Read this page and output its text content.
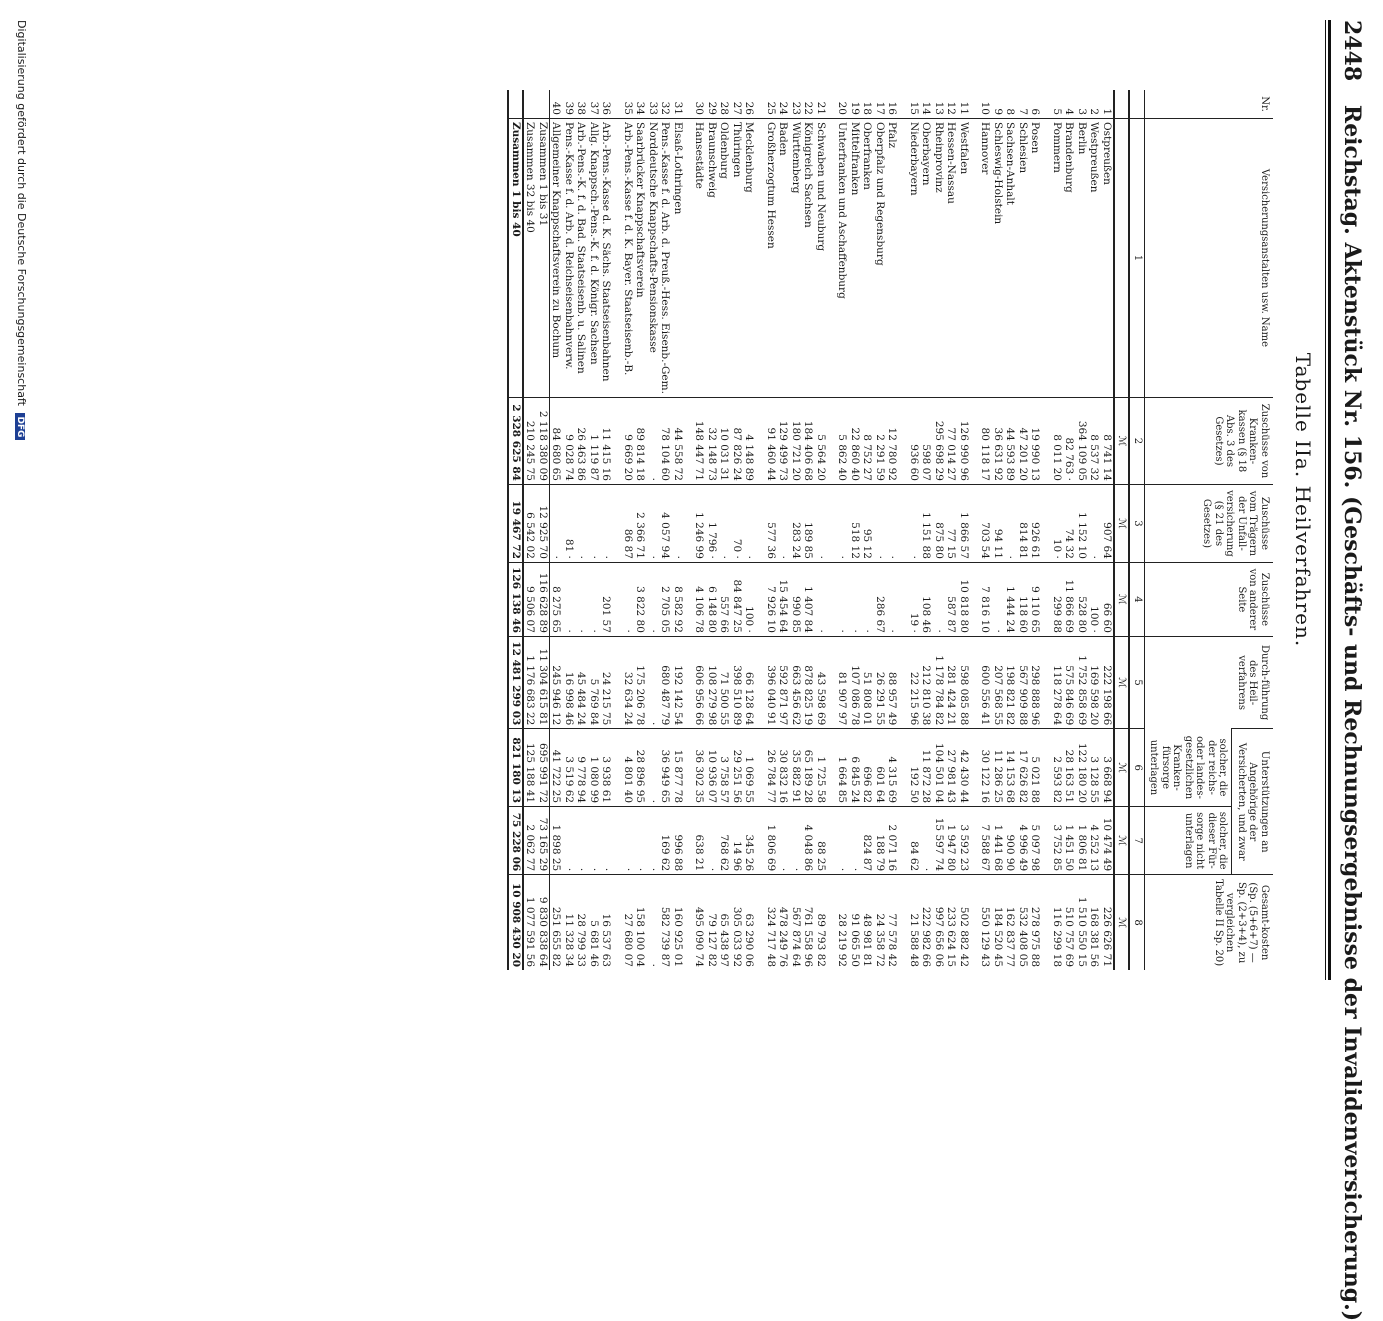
2448 Reichstag. Aktenstück Nr. 156. (Geschäfts- und Rechnungsergebnisse der Invalidenversicherung.)
Tabelle IIa. Heilverfahren.
Nr.	Versicherungsanstalten usw. Name	Zuschüsse von Kranken-kassen (§ 18 Abs. 3 des Gesetzes)	Zuschüsse vom Trägern der Unfall-versicherung (§ 21 des Gesetzes)	Zuschüsse von anderer Seite	Durch-führung des Heil-verfahrens	Unterstützungen an Angehörige der Versicherten, und zwar		Gesamt-kosten (Sp. (5+6+7) — Sp. (2+3+4), zu vergleichen Tabelle II Sp. 20)
						solcher, die der reichs- oder landes-gesetzlichen Kranken-fürsorge unterlagen	solcher, die dieser Für-sorge nicht unterlagen	
	1	2	3	4	5	6	7	8
		ℳ	ℳ	ℳ	ℳ	ℳ	ℳ	ℳ
1	Ostpreußen	8 741 14	907 64	66 60	222 198 66	3 668 94	10 474 49	226 626 71
2	Westpreußen	8 537 32	·	100 ·	169 598 20	3 128 55	4 252 13	168 381 56
3	Berlin	364 109 05	1 152 10	528 80	1 752 858 69	122 180 20	1 806 81	1 510 550 15
4	Brandenburg	82 763 ·	74 32	11 866 69	575 846 69	28 163 51	1 451 50	510 757 69
5	Pommern	8 011 20	10 ·	299 88	118 278 64	2 593 82	3 752 85	116 299 18

6	Posen	19 990 13	926 61	9 110 65	298 888 96	5 021 88	5 097 98	278 975 88
7	Schlesien	47 201 20	814 81	118 60	567 909 88	17 626 82	4 996 49	532 408 05
8	Sachsen-Anhalt	44 593 89	·	1 444 24	198 821 82	14 153 68	900 90	162 837 77
9	Schleswig-Holstein	36 631 92	94 11	·	207 568 55	11 286 25	1 441 68	184 520 45
10	Hannover	80 118 17	703 54	7 816 10	600 556 41	30 122 16	7 588 67	550 129 43

11	Westfalen	126 990 96	1 866 57	10 818 80	598 085 88	42 430 44	3 592 23	502 882 42
12	Hessen-Nassau	77 014 27	77 15	587 87	281 424 21	27 981 43	1 947 80	233 624 15
13	Rheinprovinz	295 698 29	875 80	·	1 178 784 82	104 501 04	15 597 74	997 656 06
14	Oberbayern	598 07	1 151 88	108 46	212 810 38	11 872 28	·	222 982 66
15	Niederbayern	936 60	·	19 ·	22 215 96	192 50	84 62	21 588 48

16	Pfalz	12 780 92	·	·	88 957 49	4 315 69	2 071 16	77 578 42
17	Oberpfalz und Regensburg	2 291 59	·	286 67	26 291 55	601 64	188 79	24 358 72
18	Oberfranken	8 752 27	95 12	·	51 808 01	696 82	824 87	48 981 81
19	Mittelfranken	22 860 40	518 12	·	107 086 78	6 845 24	·	91 065 50
20	Unterfranken und Aschaffenburg	5 862 40	·	·	81 907 97	1 664 85	·	28 219 92

21	Schwaben und Neuburg	5 564 20	·	·	43 598 69	1 725 58	88 25	89 793 82
22	Königreich Sachsen	184 406 68	189 85	1 407 84	878 825 19	65 189 28	4 048 86	761 558 96
23	Württemberg	180 721 20	283 24	990 85	663 456 62	35 882 91	·	567 874 64
24	Baden	129 499 73	·	15 454 64	592 871 97	30 832 16	·	478 249 76
25	Großherzogtum Hessen	91 460 44	577 36	7 926 10	396 040 91	26 784 77	1 806 69	324 717 48

26	Mecklenburg	4 148 89	·	100 ·	66 128 64	1 069 55	345 26	63 290 06
27	Thüringen	87 826 24	70 ·	84 847 25	398 510 89	29 251 56	14 96	305 033 92
28	Oldenburg	10 031 31	·	557 66	71 500 55	3 758 57	768 62	65 438 97
29	Braunschweig	32 148 73	1 796 ·	6 148 80	108 279 98	10 936 07	·	79 127 82
30	Hansestädte	148 447 71	1 246 99	4 106 78	606 956 66	36 302 35	638 21	495 090 74

31	Elsaß-Lothringen	44 558 72	·	8 582 92	192 142 54	15 877 78	996 88	160 925 01
32	Pens.-Kasse f. d. Arb. d. Preuß.-Hess. Eisenb.-Gem.	78 104 60	4 057 94	2 705 05	680 487 79	36 949 65	169 62	582 739 87
33	Norddeutsche Knappschafts-Pensionskasse	·	·	·	·	·	·	·
34	Saarbrücker Knappschaftsverein	89 814 18	2 366 71	3 822 80	175 206 78	28 896 95	·	158 100 04
35	Arb.-Pens.-Kasse f. d. K. Bayer. Staatseisenb.-B.	9 669 20	86 87	·	32 634 24	4 801 40	·	27 680 07

36	Arb.-Pens.-Kasse d. K. Sächs. Staatseisenbahnen	11 415 16	·	201 57	24 215 75	3 938 61	·	16 537 63
37	Allg. Knappsch.-Pens.-K. f. d. Königr. Sachsen	1 119 87	·	·	5 769 84	1 080 99	·	5 681 46
38	Arb.-Pens.-K. f. d. Bad. Staatseisenb. u. Salinen	26 463 86	·	·	45 484 24	9 778 94	·	28 799 33
39	Pens.-Kasse f. d. Arb. d. Reichseisenbahnverw.	9 028 74	81 ·	·	16 998 46	3 519 62	·	11 328 34
40	Allgemeiner Knappschaftsverein zu Bochum	84 680 65	·	8 275 65	245 946 12	41 722 25	1 898 25	251 655 82
	Zusammen 1 bis 31	2 118 380 09	12 925 70	116 628 89	11 304 615 81	695 991 72	73 165 29	9 830 838 64
	Zusammen 32 bis 40	210 245 75	6 542 02	9 506 07	1 176 683 22	125 188 41	2 062 77	1 077 591 56
	Zusammen 1 bis 40	2 328 625 84	19 467 72	126 138 46	12 481 299 03	821 180 13	75 228 06	10 908 430 20
Digitalisierung gefördert durch die Deutsche Forschungsgemeinschaft DFG
